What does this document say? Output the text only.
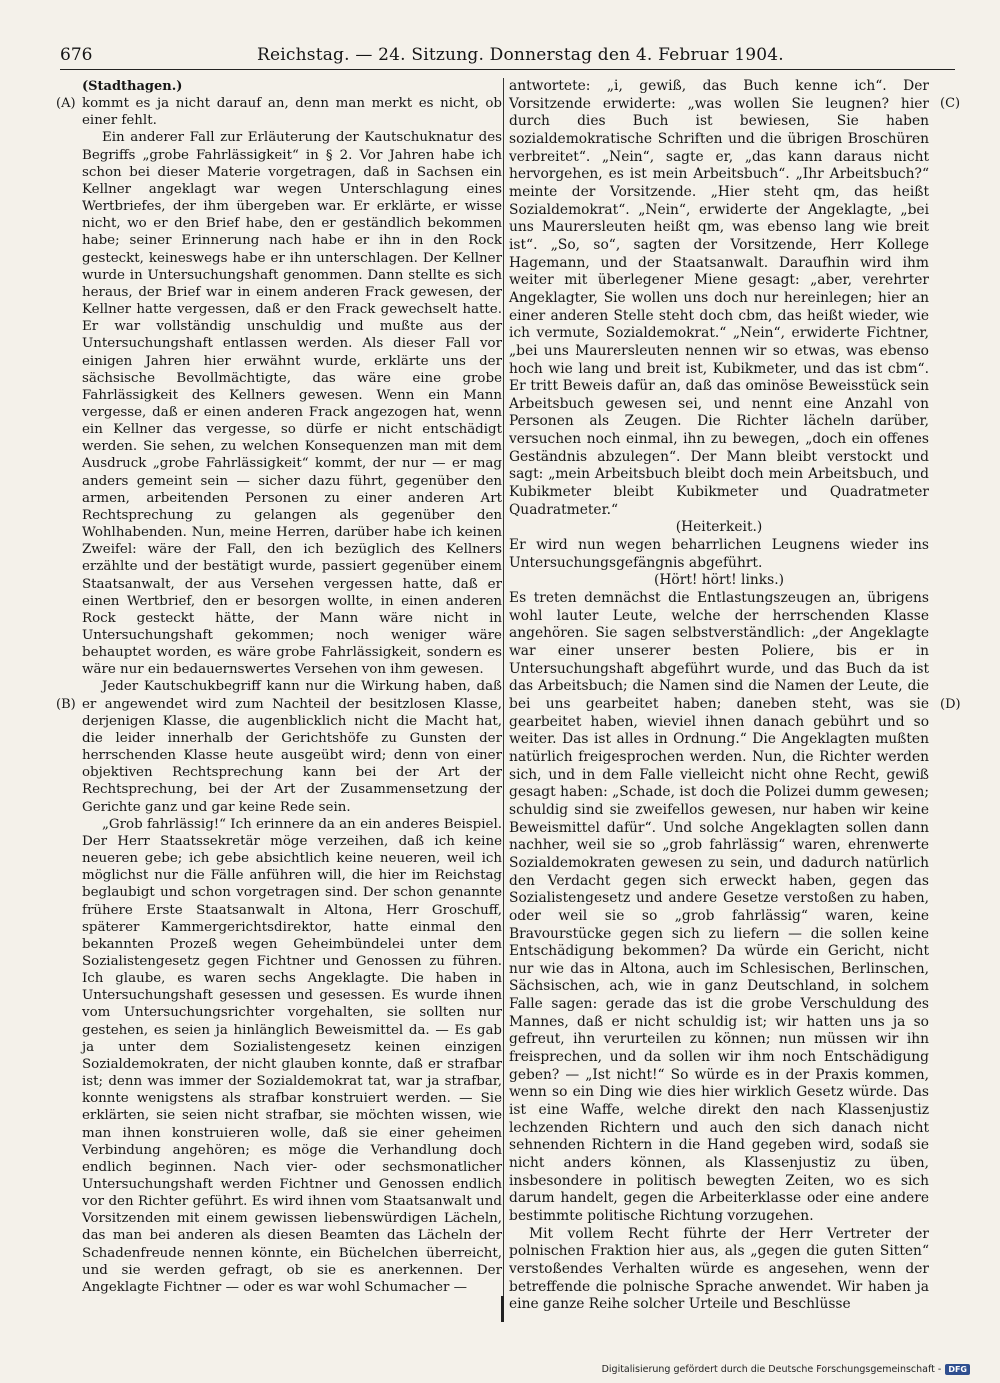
676	Reichstag. — 24. Sitzung. Donnerstag den 4. Februar 1904.
(A)
(B)
(C)
(D)

(Stadthagen.)

kommt es ja nicht darauf an, denn man merkt es nicht, ob einer fehlt.

Ein anderer Fall zur Erläuterung der Kautschuknatur des Begriffs „grobe Fahrlässigkeit“ in § 2. Vor Jahren habe ich schon bei dieser Materie vorgetragen, daß in Sachsen ein Kellner angeklagt war wegen Unterschlagung eines Wertbriefes, der ihm übergeben war. Er erklärte, er wisse nicht, wo er den Brief habe, den er geständlich bekommen habe; seiner Erinnerung nach habe er ihn in den Rock gesteckt, keineswegs habe er ihn unterschlagen. Der Kellner wurde in Untersuchungshaft genommen. Dann stellte es sich heraus, der Brief war in einem anderen Frack gewesen, der Kellner hatte vergessen, daß er den Frack gewechselt hatte. Er war vollständig unschuldig und mußte aus der Untersuchungshaft entlassen werden. Als dieser Fall vor einigen Jahren hier erwähnt wurde, erklärte uns der sächsische Bevollmächtigte, das wäre eine grobe Fahrlässigkeit des Kellners gewesen. Wenn ein Mann vergesse, daß er einen anderen Frack angezogen hat, wenn ein Kellner das vergesse, so dürfe er nicht entschädigt werden. Sie sehen, zu welchen Konsequenzen man mit dem Ausdruck „grobe Fahrlässigkeit“ kommt, der nur — er mag anders gemeint sein — sicher dazu führt, gegenüber den armen, arbeitenden Personen zu einer anderen Art Rechtsprechung zu gelangen als gegenüber den Wohlhabenden. Nun, meine Herren, darüber habe ich keinen Zweifel: wäre der Fall, den ich bezüglich des Kellners erzählte und der bestätigt wurde, passiert gegenüber einem Staatsanwalt, der aus Versehen vergessen hatte, daß er einen Wertbrief, den er besorgen wollte, in einen anderen Rock gesteckt hätte, der Mann wäre nicht in Untersuchungshaft gekommen; noch weniger wäre behauptet worden, es wäre grobe Fahrlässigkeit, sondern es wäre nur ein bedauernswertes Versehen von ihm gewesen.

Jeder Kautschukbegriff kann nur die Wirkung haben, daß er angewendet wird zum Nachteil der besitzlosen Klasse, derjenigen Klasse, die augenblicklich nicht die Macht hat, die leider innerhalb der Gerichtshöfe zu Gunsten der herrschenden Klasse heute ausgeübt wird; denn von einer objektiven Rechtsprechung kann bei der Art der Rechtsprechung, bei der Art der Zusammensetzung der Gerichte ganz und gar keine Rede sein.

„Grob fahrlässig!“ Ich erinnere da an ein anderes Beispiel. Der Herr Staatssekretär möge verzeihen, daß ich keine neueren gebe; ich gebe absichtlich keine neueren, weil ich möglichst nur die Fälle anführen will, die hier im Reichstag beglaubigt und schon vorgetragen sind. Der schon genannte frühere Erste Staatsanwalt in Altona, Herr Groschuff, späterer Kammergerichtsdirektor, hatte einmal den bekannten Prozeß wegen Geheimbündelei unter dem Sozialistengesetz gegen Fichtner und Genossen zu führen. Ich glaube, es waren sechs Angeklagte. Die haben in Untersuchungshaft gesessen und gesessen. Es wurde ihnen vom Untersuchungsrichter vorgehalten, sie sollten nur gestehen, es seien ja hinlänglich Beweismittel da. — Es gab ja unter dem Sozialistengesetz keinen einzigen Sozialdemokraten, der nicht glauben konnte, daß er strafbar ist; denn was immer der Sozialdemokrat tat, war ja strafbar, konnte wenigstens als strafbar konstruiert werden. — Sie erklärten, sie seien nicht strafbar, sie möchten wissen, wie man ihnen konstruieren wolle, daß sie einer geheimen Verbindung angehören; es möge die Verhandlung doch endlich beginnen. Nach vier- oder sechsmonatlicher Untersuchungshaft werden Fichtner und Genossen endlich vor den Richter geführt. Es wird ihnen vom Staatsanwalt und Vorsitzenden mit einem gewissen liebenswürdigen Lächeln, das man bei anderen als diesen Beamten das Lächeln der Schadenfreude nennen könnte, ein Büchelchen überreicht, und sie werden gefragt, ob sie es anerkennen. Der Angeklagte Fichtner — oder es war wohl Schumacher —

antwortete: „i, gewiß, das Buch kenne ich“. Der Vorsitzende erwiderte: „was wollen Sie leugnen? hier durch dies Buch ist bewiesen, Sie haben sozialdemokratische Schriften und die übrigen Broschüren verbreitet“. „Nein“, sagte er, „das kann daraus nicht hervorgehen, es ist mein Arbeitsbuch“. „Ihr Arbeitsbuch?“ meinte der Vorsitzende. „Hier steht qm, das heißt Sozialdemokrat“. „Nein“, erwiderte der Angeklagte, „bei uns Maurersleuten heißt qm, was ebenso lang wie breit ist“. „So, so“, sagten der Vorsitzende, Herr Kollege Hagemann, und der Staatsanwalt. Daraufhin wird ihm weiter mit überlegener Miene gesagt: „aber, verehrter Angeklagter, Sie wollen uns doch nur hereinlegen; hier an einer anderen Stelle steht doch cbm, das heißt wieder, wie ich vermute, Sozialdemokrat.“ „Nein“, erwiderte Fichtner, „bei uns Maurersleuten nennen wir so etwas, was ebenso hoch wie lang und breit ist, Kubikmeter, und das ist cbm“. Er tritt Beweis dafür an, daß das ominöse Beweisstück sein Arbeitsbuch gewesen sei, und nennt eine Anzahl von Personen als Zeugen. Die Richter lächeln darüber, versuchen noch einmal, ihn zu bewegen, „doch ein offenes Geständnis abzulegen“. Der Mann bleibt verstockt und sagt: „mein Arbeitsbuch bleibt doch mein Arbeitsbuch, und Kubikmeter bleibt Kubikmeter und Quadratmeter Quadratmeter.“

(Heiterkeit.)

Er wird nun wegen beharrlichen Leugnens wieder ins Untersuchungsgefängnis abgeführt.

(Hört! hört! links.)

Es treten demnächst die Entlastungszeugen an, übrigens wohl lauter Leute, welche der herrschenden Klasse angehören. Sie sagen selbstverständlich: „der Angeklagte war einer unserer besten Poliere, bis er in Untersuchungshaft abgeführt wurde, und das Buch da ist das Arbeitsbuch; die Namen sind die Namen der Leute, die bei uns gearbeitet haben; daneben steht, was sie gearbeitet haben, wieviel ihnen danach gebührt und so weiter. Das ist alles in Ordnung.“ Die Angeklagten mußten natürlich freigesprochen werden. Nun, die Richter werden sich, und in dem Falle vielleicht nicht ohne Recht, gewiß gesagt haben: „Schade, ist doch die Polizei dumm gewesen; schuldig sind sie zweifellos gewesen, nur haben wir keine Beweismittel dafür“. Und solche Angeklagten sollen dann nachher, weil sie so „grob fahrlässig“ waren, ehrenwerte Sozialdemokraten gewesen zu sein, und dadurch natürlich den Verdacht gegen sich erweckt haben, gegen das Sozialistengesetz und andere Gesetze verstoßen zu haben, oder weil sie so „grob fahrlässig“ waren, keine Bravourstücke gegen sich zu liefern — die sollen keine Entschädigung bekommen? Da würde ein Gericht, nicht nur wie das in Altona, auch im Schlesischen, Berlinschen, Sächsischen, ach, wie in ganz Deutschland, in solchem Falle sagen: gerade das ist die grobe Verschuldung des Mannes, daß er nicht schuldig ist; wir hatten uns ja so gefreut, ihn verurteilen zu können; nun müssen wir ihn freisprechen, und da sollen wir ihm noch Entschädigung geben? — „Ist nicht!“ So würde es in der Praxis kommen, wenn so ein Ding wie dies hier wirklich Gesetz würde. Das ist eine Waffe, welche direkt den nach Klassenjustiz lechzenden Richtern und auch den sich danach nicht sehnenden Richtern in die Hand gegeben wird, sodaß sie nicht anders können, als Klassenjustiz zu üben, insbesondere in politisch bewegten Zeiten, wo es sich darum handelt, gegen die Arbeiterklasse oder eine andere bestimmte politische Richtung vorzugehen.

Mit vollem Recht führte der Herr Vertreter der polnischen Fraktion hier aus, als „gegen die guten Sitten“ verstoßendes Verhalten würde es angesehen, wenn der betreffende die polnische Sprache anwendet. Wir haben ja eine ganze Reihe solcher Urteile und Beschlüsse

Digitalisierung gefördert durch die Deutsche Forschungsgemeinschaft - DFG
